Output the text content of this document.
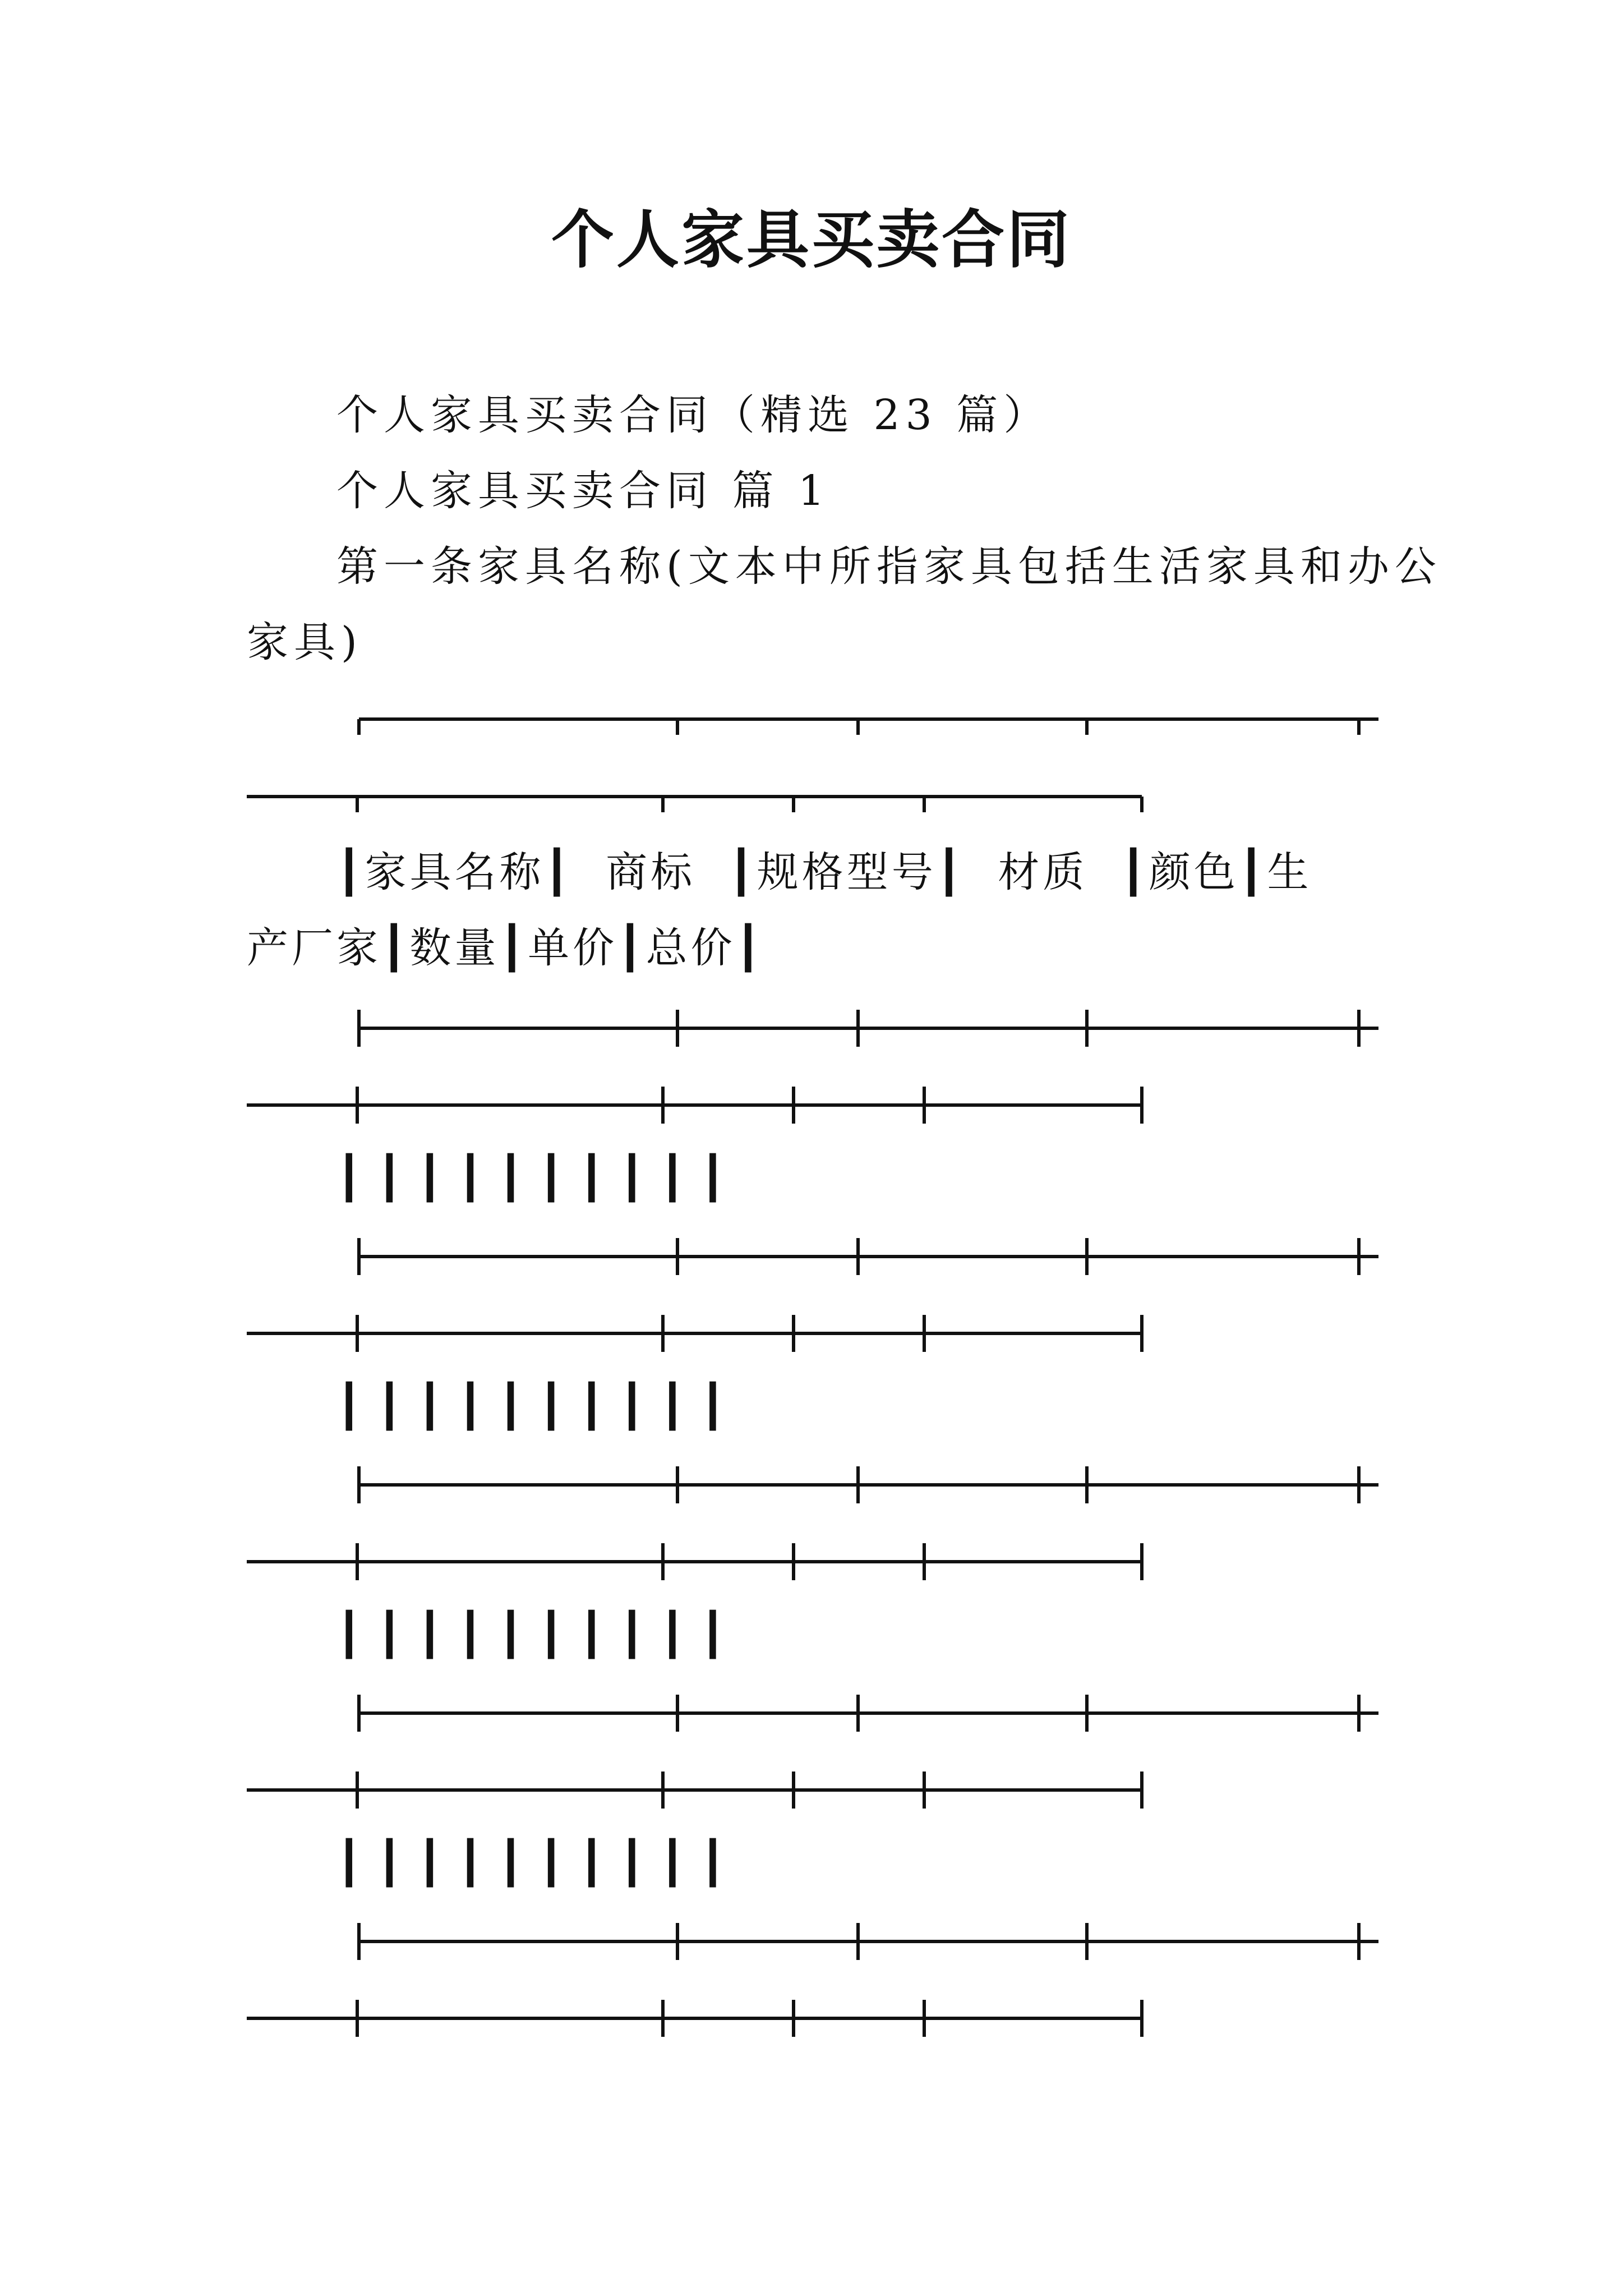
个人家具买卖合同
个人家具买卖合同（精选 23 篇）
个人家具买卖合同 篇 1
第一条家具名称(文本中所指家具包括生活家具和办公
家具)
┃家具名称┃  商标  ┃规格型号┃  材质  ┃颜色┃生
产厂家┃数量┃单价┃总价┃
┃ ┃ ┃ ┃ ┃ ┃ ┃ ┃ ┃ ┃
┃ ┃ ┃ ┃ ┃ ┃ ┃ ┃ ┃ ┃
┃ ┃ ┃ ┃ ┃ ┃ ┃ ┃ ┃ ┃
┃ ┃ ┃ ┃ ┃ ┃ ┃ ┃ ┃ ┃
